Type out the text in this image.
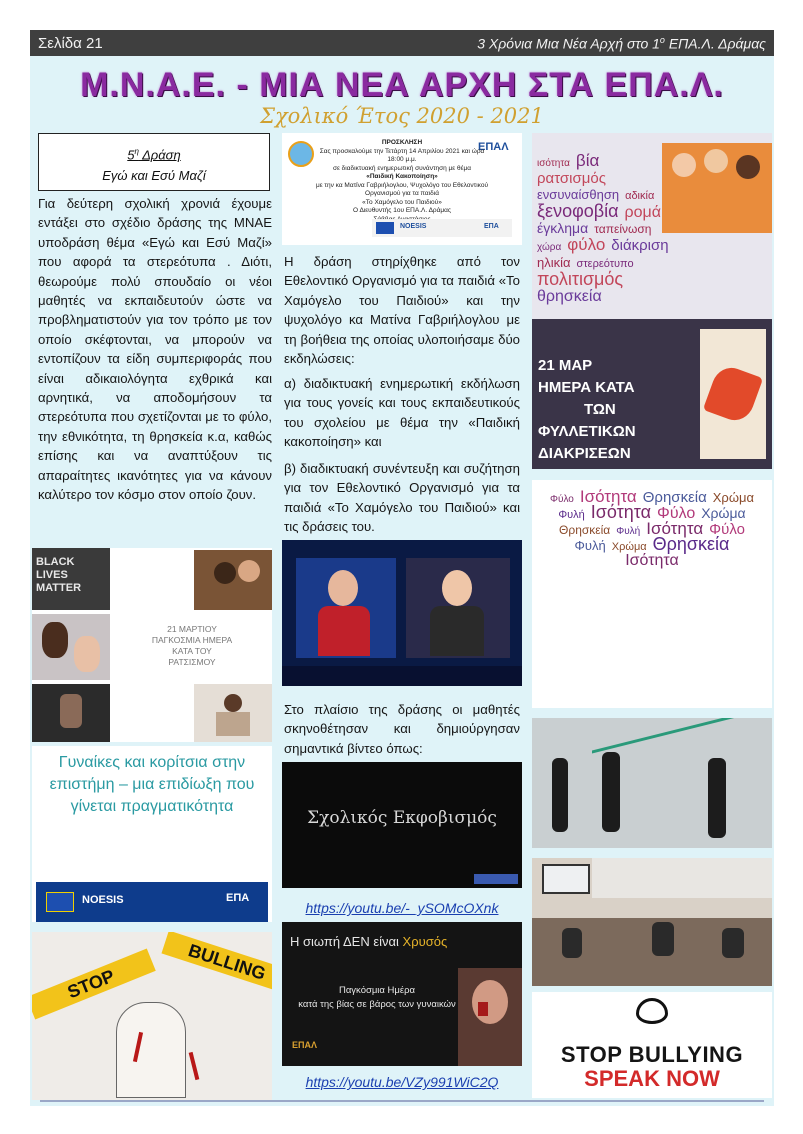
Σελίδα 21	3 Χρόνια Μια Νέα Αρχή στο $1^o$ ΕΠΑ.Λ. Δράμας
Μ.Ν.Α.Ε. - ΜΙΑ ΝΕΑ ΑΡΧΗ ΣΤΑ ΕΠΑ.Λ.
Σχολικό Έτος 2020 - 2021
$5^\eta$ Δράση
Εγώ και Εσύ Μαζί
Για δεύτερη σχολική χρονιά έχουμε εντάξει στο σχέδιο δράσης της ΜΝΑΕ υποδράση θέμα «Εγώ και Εσύ Μαζί» που αφορά τα στερεότυπα . Διότι, θεωρούμε πολύ σπουδαίο οι νέοι μαθητές να εκπαιδευτούν ώστε να προβληματιστούν για τον τρόπο με τον οποίο σκέφτονται, να μπορούν να εντοπίζουν τα είδη συμπεριφοράς που είναι αδικαιολόγητα εχθρικά και αρνητικά, να αποδομήσουν τα στερεότυπα που σχετίζονται με το φύλο, την εθνικότητα, τη θρησκεία κ.α, καθώς επίσης και να αναπτύξουν τις απαραίτητες ικανότητες για να κάνουν καλύτερο τον κόσμο στον οποίο ζουν.
BLACK LIVES MATTER
21 ΜΑΡΤΙΟΥ ΠΑΓΚΟΣΜΙΑ ΗΜΕΡΑ ΚΑΤΑ ΤΟΥ ΡΑΤΣΙΣΜΟΥ
Γυναίκες και κορίτσια στην επιστήμη – μια επιδίωξη που γίνεται πραγματικότητα
NOESIS	ΕΠΑ
STOP
BULLING
ΕΠΑΛ
ΠΡΟΣΚΛΗΣΗ
Σας προσκαλούμε την Τετάρτη 14 Απριλίου 2021 και ώρα 18:00 μ.μ.
σε διαδικτυακή ενημερωτική συνάντηση με θέμα
«Παιδική Κακοποίηση»
με την κα Ματίνα Γαβριήλογλου, Ψυχολόγο του Εθελοντικού Οργανισμού για τα παιδιά
«Το Χαμόγελο του Παιδιού»
Ο Διευθυντής 1ου ΕΠΑ.Λ. Δράμας
NOESIS	ΕΠΑ
Η δράση στηρίχθηκε από τον Εθελοντικό Οργανισμό για τα παιδιά «Το Χαμόγελο του Παιδιού» και την ψυχολόγο κα Ματίνα Γαβριήλογλου με τη βοήθεια της οποίας υλοποιήσαμε δύο εκδηλώσεις:
α) διαδικτυακή ενημερωτική εκδήλωση για τους γονείς και τους εκπαιδευτικούς του σχολείου με θέμα την «Παιδική κακοποίηση» και
β) διαδικτυακή συνέντευξη και συζήτηση για τον Εθελοντικό Οργανισμό για τα παιδιά «Το Χαμόγελο του Παιδιού» και τις δράσεις του.
Στο πλαίσιο της δράσης οι μαθητές σκηνοθέτησαν και δημιούργησαν σημαντικά βίντεο όπως:
Σχολικός Εκφοβισμός
https://youtu.be/-_ySOMcOXnk
Η σιωπή ΔΕΝ είναι Χρυσός
Παγκόσμια Ημέρα
κατά της βίας σε βάρος των γυναικών
ΕΠΑΛ
https://youtu.be/VZy991WiC2Q
ισότητα βίαρατσισμόςενσυναίσθηση αδικίαξενοφοβία ρομάέγκλημα ταπείνωσηχώρα φύλο διάκρισηηλικία στερεότυποπολιτισμόςθρησκεία
21 ΜΑΡ
ΗΜΕΡΑ ΚΑΤΑ
ΤΩΝ
ΦΥΛΛΕΤΙΚΩΝ
ΔΙΑΚΡΙΣΕΩΝ
Φύλο Ισότητα Θρησκεία ΧρώμαΦυλή Ισότητα Φύλο ΧρώμαΘρησκεία Φυλή Ισότητα ΦύλοΦυλή Χρώμα ΘρησκείαΙσότητα
STOP BULLYING
SPEAK NOW
